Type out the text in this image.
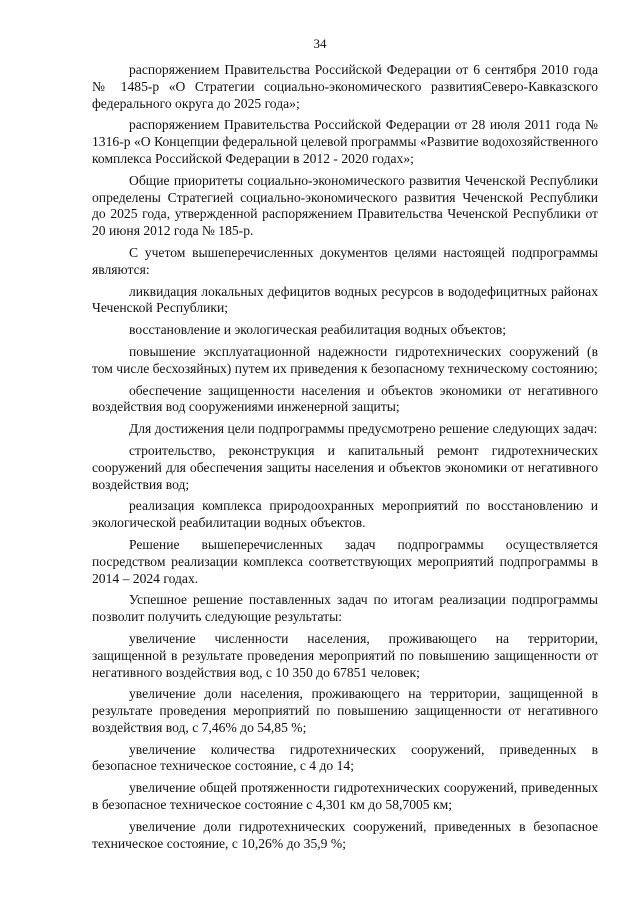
34

распоряжением Правительства Российской Федерации от 6 сентября 2010 года № 1485-р «О Стратегии социально-экономического развитияСеверо-Кавказского федерального округа до 2025 года»;

распоряжением Правительства Российской Федерации от 28 июля 2011 года № 1316-р «О Концепции федеральной целевой программы «Развитие водохозяйственного комплекса Российской Федерации в 2012 - 2020 годах»;

Общие приоритеты социально-экономического развития Чеченской Республики определены Стратегией социально-экономического развития Чеченской Республики до 2025 года, утвержденной распоряжением Правительства Чеченской Республики от 20 июня 2012 года № 185-р.

С учетом вышеперечисленных документов целями настоящей подпрограммы являются:

ликвидация локальных дефицитов водных ресурсов в вододефицитных районах Чеченской Республики;

восстановление и экологическая реабилитация водных объектов;

повышение эксплуатационной надежности гидротехнических сооружений (в том числе бесхозяйных) путем их приведения к безопасному техническому состоянию;

обеспечение защищенности населения и объектов экономики от негативного воздействия вод сооружениями инженерной защиты;

Для достижения цели подпрограммы предусмотрено решение следующих задач:

строительство, реконструкция и капитальный ремонт гидротехнических сооружений для обеспечения защиты населения и объектов экономики от негативного воздействия вод;

реализация комплекса природоохранных мероприятий по восстановлению и экологической реабилитации водных объектов.

Решение вышеперечисленных задач подпрограммы осуществляется посредством реализации комплекса соответствующих мероприятий подпрограммы в 2014 – 2024 годах.

Успешное решение поставленных задач по итогам реализации подпрограммы позволит получить следующие результаты:

увеличение численности населения, проживающего на территории, защищенной в результате проведения мероприятий по повышению защищенности от негативного воздействия вод, с 10 350 до 67851 человек;

увеличение доли населения, проживающего на территории, защищенной в результате проведения мероприятий по повышению защищенности от негативного воздействия вод, с 7,46% до 54,85 %;

увеличение количества гидротехнических сооружений, приведенных в безопасное техническое состояние, с 4 до 14;

увеличение общей протяженности гидротехнических сооружений, приведенных в безопасное техническое состояние с 4,301 км до 58,7005 км;

увеличение доли гидротехнических сооружений, приведенных в безопасное техническое состояние, с 10,26% до 35,9 %;
